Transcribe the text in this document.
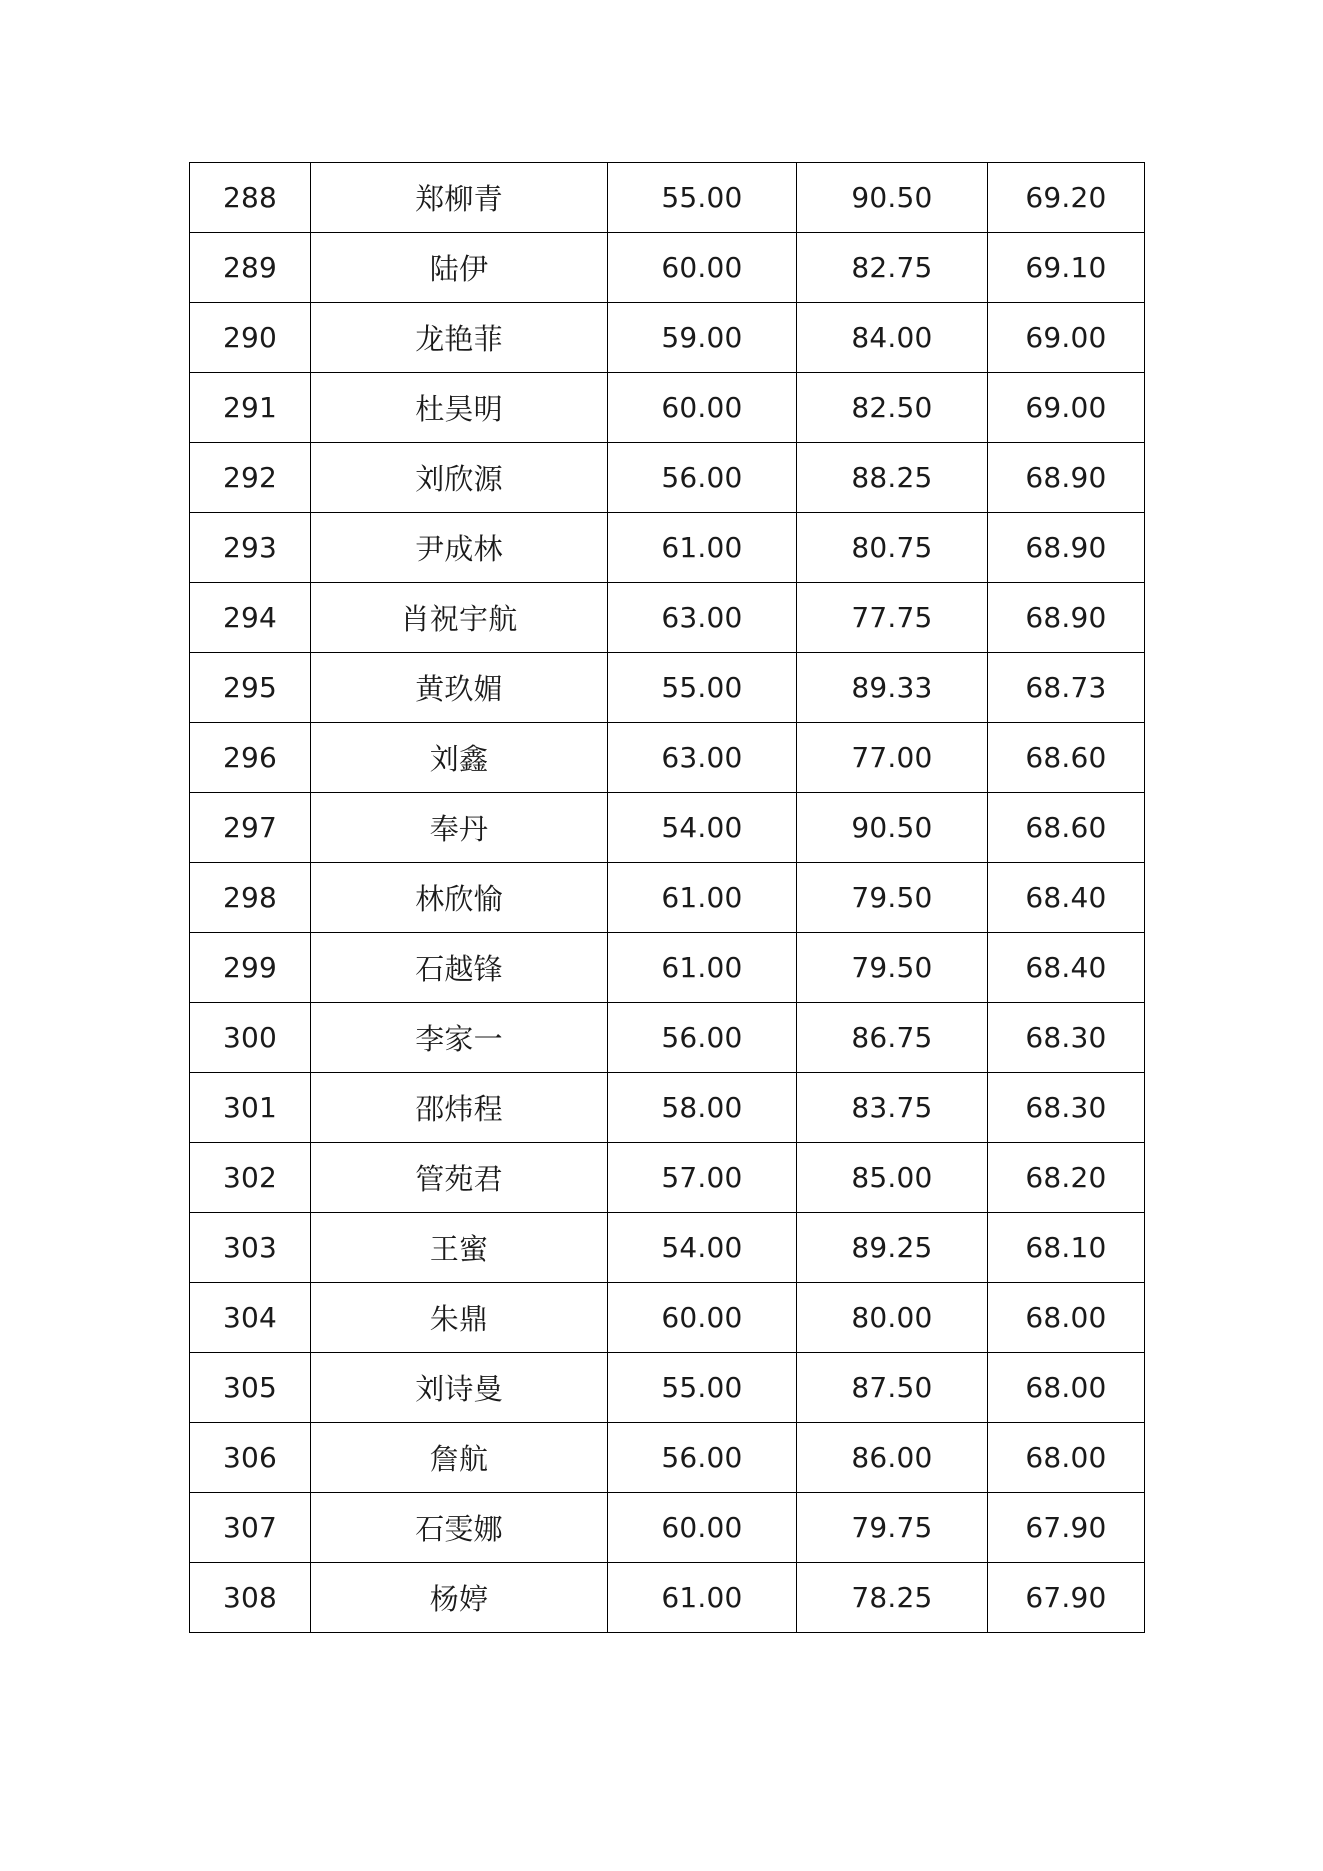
288	郑柳青	55.00	90.50	69.20
289	陆伊	60.00	82.75	69.10
290	龙艳菲	59.00	84.00	69.00
291	杜昊明	60.00	82.50	69.00
292	刘欣源	56.00	88.25	68.90
293	尹成林	61.00	80.75	68.90
294	肖祝宇航	63.00	77.75	68.90
295	黄玖媚	55.00	89.33	68.73
296	刘鑫	63.00	77.00	68.60
297	奉丹	54.00	90.50	68.60
298	林欣愉	61.00	79.50	68.40
299	石越锋	61.00	79.50	68.40
300	李家一	56.00	86.75	68.30
301	邵炜程	58.00	83.75	68.30
302	管苑君	57.00	85.00	68.20
303	王蜜	54.00	89.25	68.10
304	朱鼎	60.00	80.00	68.00
305	刘诗曼	55.00	87.50	68.00
306	詹航	56.00	86.00	68.00
307	石雯娜	60.00	79.75	67.90
308	杨婷	61.00	78.25	67.90
